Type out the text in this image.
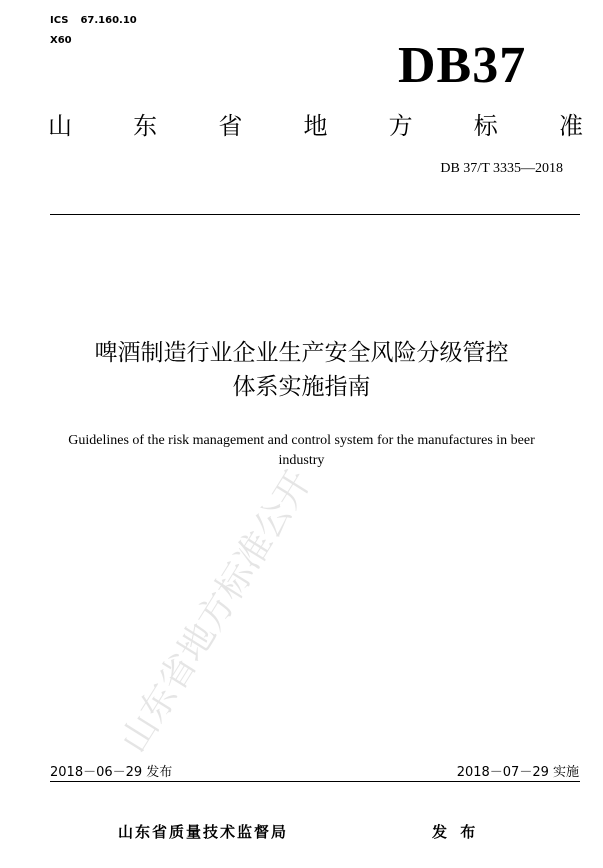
ICS 67.160.10
X60	DB37
山	东	省	地	方	标	准
DB 37/T 3335—2018
啤酒制造行业企业生产安全风险分级管控
体系实施指南
Guidelines of the risk management and control system for the manufactures in beer
industry
山东省地方标准公开
2018－06－29 发布	2018－07－29 实施
山东省质量技术监督局	发 布
